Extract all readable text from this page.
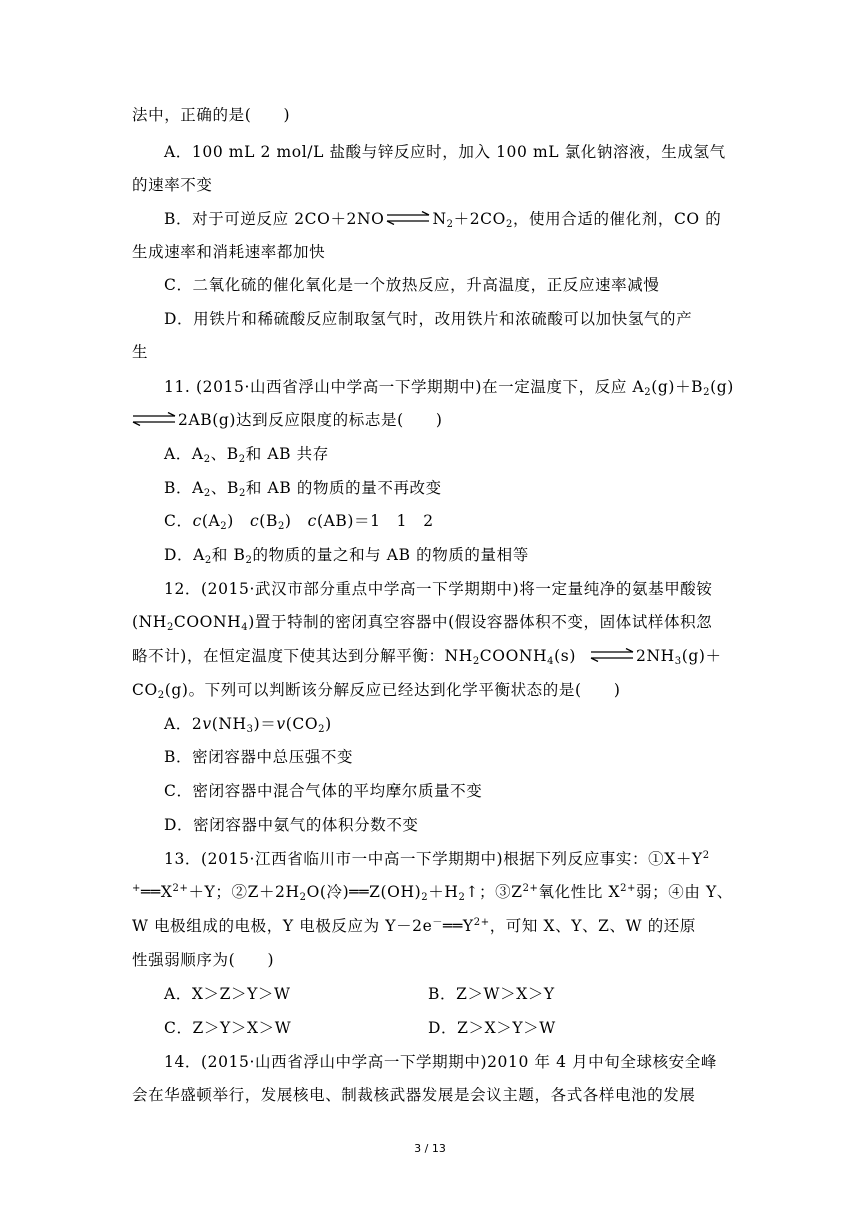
法中，正确的是(　　)
A．100 mL 2 mol/L 盐酸与锌反应时，加入 100 mL 氯化钠溶液，生成氢气
的速率不变
B．对于可逆反应 2CO＋2NO	$N_2+2CO_2$，使用合适的催化剂，CO 的
生成速率和消耗速率都加快
C．二氧化硫的催化氧化是一个放热反应，升高温度，正反应速率减慢
D．用铁片和稀硫酸反应制取氢气时，改用铁片和浓硫酸可以加快氢气的产
生
11. (2015·山西省浮山中学高一下学期期中)在一定温度下，反应 $A_2(g)+B_2(g)$
2AB(g)达到反应限度的标志是(　　)
A．$A_2$、$B_2$和 AB 共存
B．$A_2$、$B_2$和 AB 的物质的量不再改变
C．$c(A_2)$　$c(B_2)$　c(AB)＝1　1　2
D．$A_2$和 $B_2$的物质的量之和与 AB 的物质的量相等
12．(2015·武汉市部分重点中学高一下学期期中)将一定量纯净的氨基甲酸铵
$(NH_2COONH_4)$置于特制的密闭真空容器中(假设容器体积不变，固体试样体积忽
略不计)，在恒定温度下使其达到分解平衡：$NH_2COONH_4(s)$	$2NH_3(g)+$
$CO_2(g)$。下列可以判断该分解反应已经达到化学平衡状态的是(　　)
A．$2v(NH_3)=v(CO_2)$
B．密闭容器中总压强不变
C．密闭容器中混合气体的平均摩尔质量不变
D．密闭容器中氨气的体积分数不变
13．(2015·江西省临川市一中高一下学期期中)根据下列反应事实：$①X+Y^2$
$^+══X^{2+}+Y$；$②Z+2H_2O$(冷)$══Z(OH)_2+H_2↑$；$③Z^{2+}$氧化性比 $X^{2+}$弱；④由 Y、
W 电极组成的电极，Y 电极反应为 $Y-2e^-══Y^{2+}$，可知 X、Y、Z、W 的还原
性强弱顺序为(　　)
A．X＞Z＞Y＞W	B．Z＞W＞X＞Y
C．Z＞Y＞X＞W	D．Z＞X＞Y＞W
14．(2015·山西省浮山中学高一下学期期中)2010 年 4 月中旬全球核安全峰
会在华盛顿举行，发展核电、制裁核武器发展是会议主题，各式各样电池的发展
3 / 13
